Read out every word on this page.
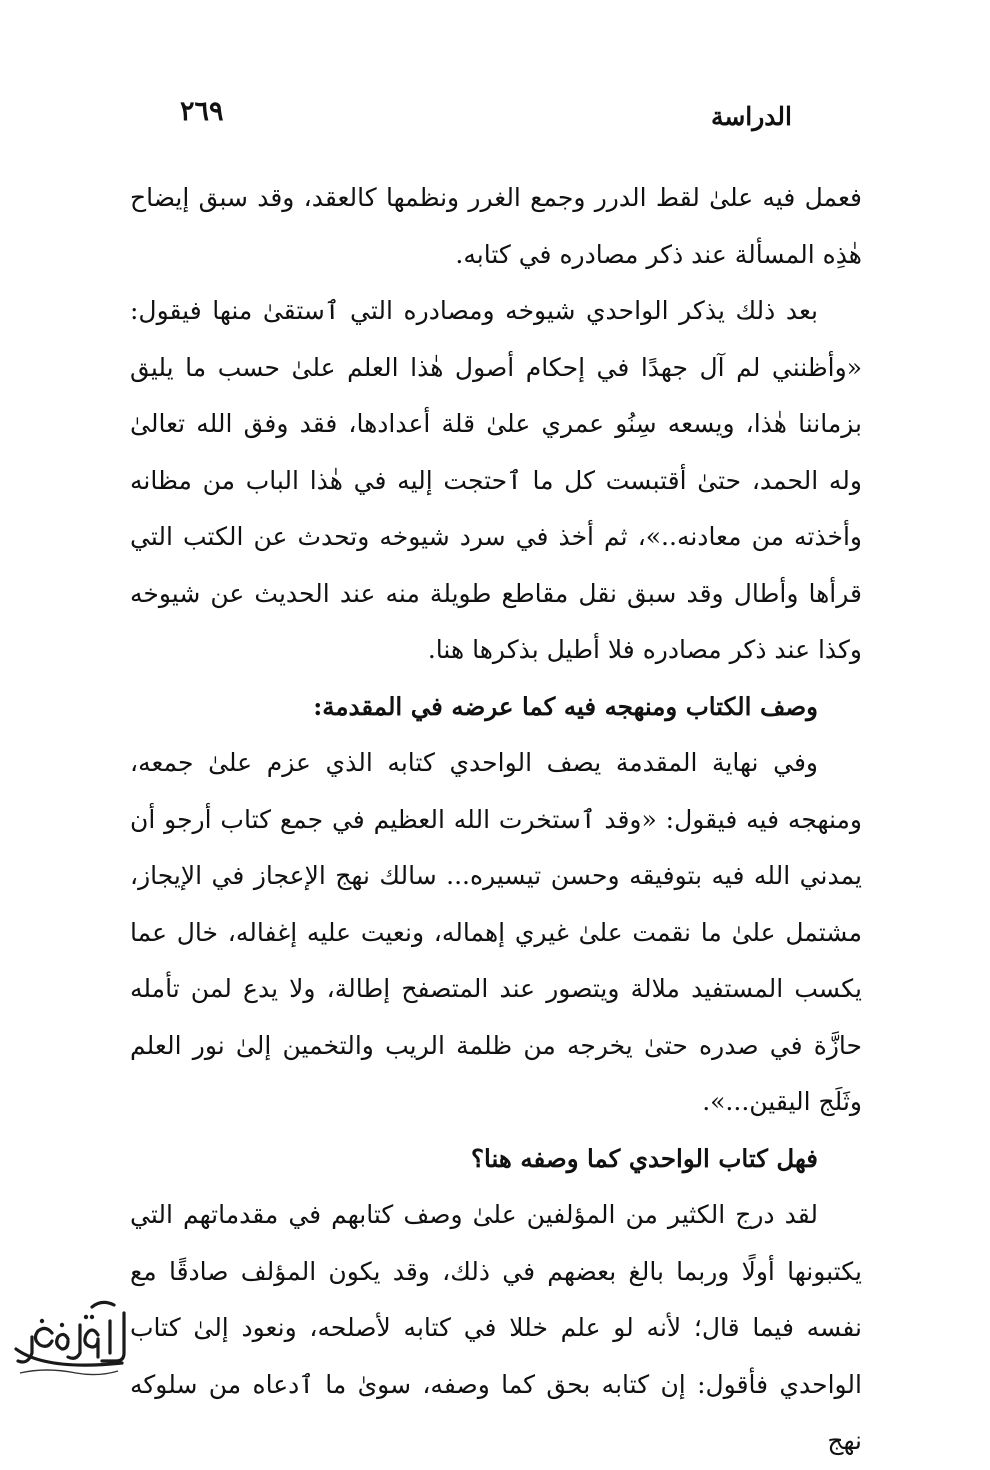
٢٦٩	الدراسة

فعمل فيه علىٰ لقط الدرر وجمع الغرر ونظمها كالعقد، وقد سبق إيضاح هٰذِه المسألة عند ذكر مصادره في كتابه.

بعد ذلك يذكر الواحدي شيوخه ومصادره التي ٱستقىٰ منها فيقول: «وأظنني لم آل جهدًا في إحكام أصول هٰذا العلم علىٰ حسب ما يليق بزماننا هٰذا، ويسعه سِنُو عمري علىٰ قلة أعدادها، فقد وفق الله تعالىٰ وله الحمد، حتىٰ أقتبست كل ما ٱحتجت إليه في هٰذا الباب من مظانه وأخذته من معادنه..»، ثم أخذ في سرد شيوخه وتحدث عن الكتب التي قرأها وأطال وقد سبق نقل مقاطع طويلة منه عند الحديث عن شيوخه وكذا عند ذكر مصادره فلا أطيل بذكرها هنا.

وصف الكتاب ومنهجه فيه كما عرضه في المقدمة:

وفي نهاية المقدمة يصف الواحدي كتابه الذي عزم علىٰ جمعه، ومنهجه فيه فيقول: «وقد ٱستخرت الله العظيم في جمع كتاب أرجو أن يمدني الله فيه بتوفيقه وحسن تيسيره... سالك نهج الإعجاز في الإيجاز، مشتمل علىٰ ما نقمت علىٰ غيري إهماله، ونعيت عليه إغفاله، خال عما يكسب المستفيد ملالة ويتصور عند المتصفح إطالة، ولا يدع لمن تأمله حازَّة في صدره حتىٰ يخرجه من ظلمة الريب والتخمين إلىٰ نور العلم وثَلَج اليقين...».

فهل كتاب الواحدي كما وصفه هنا؟

لقد درج الكثير من المؤلفين علىٰ وصف كتابهم في مقدماتهم التي يكتبونها أولًا وربما بالغ بعضهم في ذلك، وقد يكون المؤلف صادقًا مع نفسه فيما قال؛ لأنه لو علم خللا في كتابه لأصلحه، ونعود إلىٰ كتاب الواحدي فأقول: إن كتابه بحق كما وصفه، سوىٰ ما ٱدعاه من سلوكه نهج
